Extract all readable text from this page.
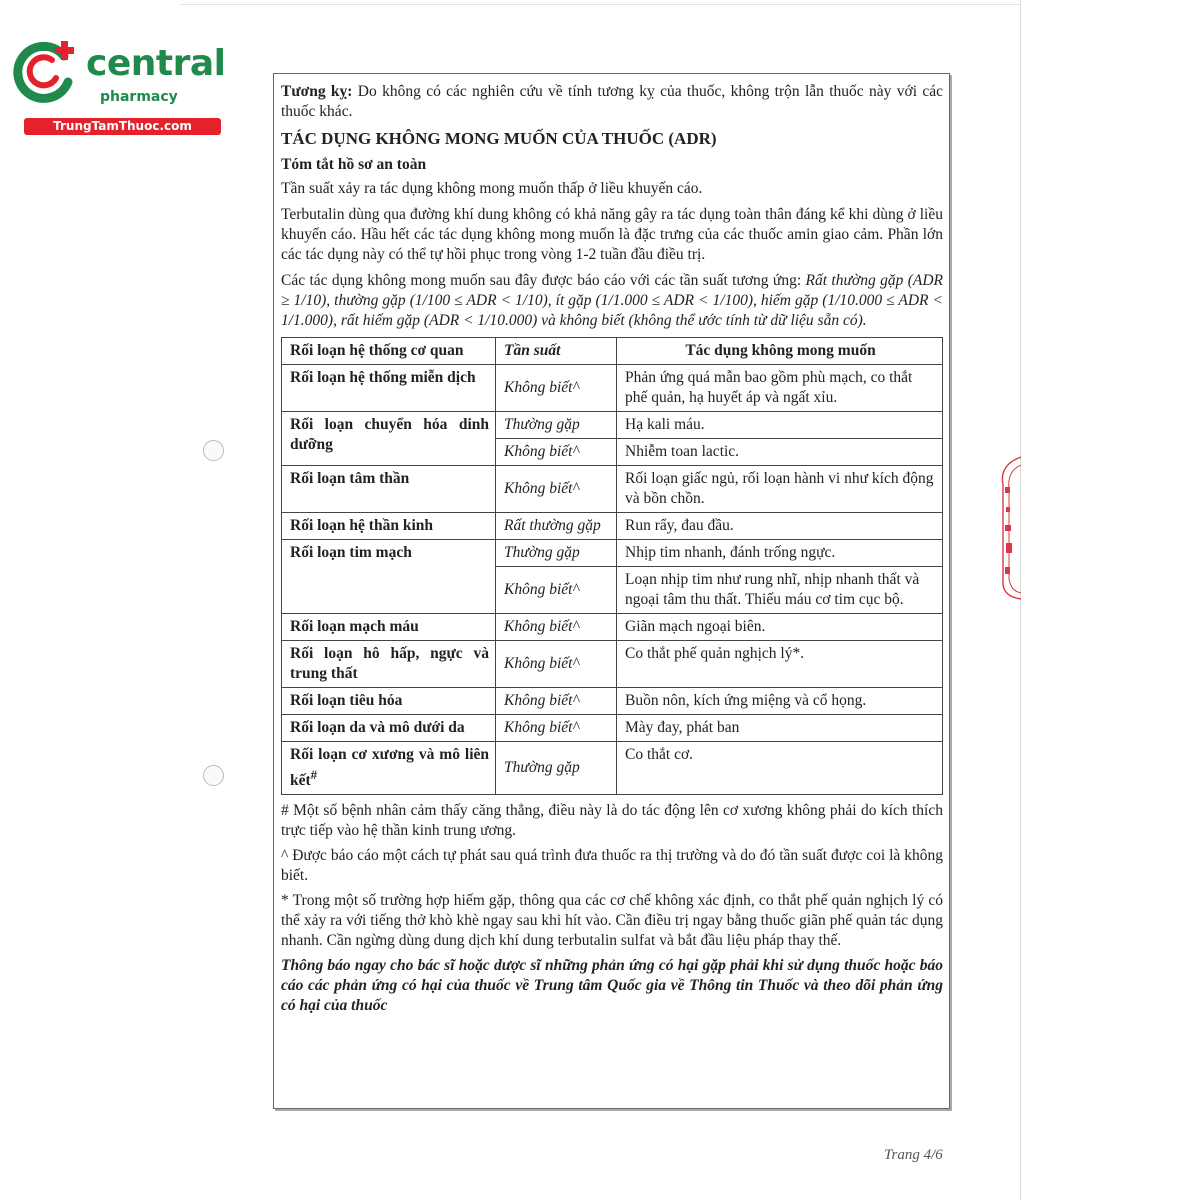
central
pharmacy
TrungTamThuoc.com

Tương kỵ: Do không có các nghiên cứu về tính tương kỵ của thuốc, không trộn lẫn thuốc này với các thuốc khác.

TÁC DỤNG KHÔNG MONG MUỐN CỦA THUỐC (ADR)
Tóm tắt hồ sơ an toàn

Tần suất xảy ra tác dụng không mong muốn thấp ở liều khuyến cáo.

Terbutalin dùng qua đường khí dung không có khả năng gây ra tác dụng toàn thân đáng kể khi dùng ở liều khuyến cáo. Hầu hết các tác dụng không mong muốn là đặc trưng của các thuốc amin giao cảm. Phần lớn các tác dụng này có thể tự hồi phục trong vòng 1-2 tuần đầu điều trị.

Các tác dụng không mong muốn sau đây được báo cáo với các tần suất tương ứng: Rất thường gặp (ADR ≥ 1/10), thường gặp (1/100 ≤ ADR < 1/10), ít gặp (1/1.000 ≤ ADR < 1/100), hiếm gặp (1/10.000 ≤ ADR < 1/1.000), rất hiếm gặp (ADR < 1/10.000) và không biết (không thể ước tính từ dữ liệu sẵn có).

Rối loạn hệ thống cơ quan	Tần suất	Tác dụng không mong muốn
Rối loạn hệ thống miễn dịch	Không biết^	Phản ứng quá mẫn bao gồm phù mạch, co thắt phế quản, hạ huyết áp và ngất xỉu.
Rối loạn chuyển hóa dinh dưỡng	Thường gặp	Hạ kali máu.
	Không biết^	Nhiễm toan lactic.
Rối loạn tâm thần	Không biết^	Rối loạn giấc ngủ, rối loạn hành vi như kích động và bồn chồn.
Rối loạn hệ thần kinh	Rất thường gặp	Run rẩy, đau đầu.
Rối loạn tim mạch	Thường gặp	Nhịp tim nhanh, đánh trống ngực.
	Không biết^	Loạn nhịp tim như rung nhĩ, nhịp nhanh thất và ngoại tâm thu thất. Thiếu máu cơ tim cục bộ.
Rối loạn mạch máu	Không biết^	Giãn mạch ngoại biên.
Rối loạn hô hấp, ngực và trung thất	Không biết^	Co thắt phế quản nghịch lý*.
Rối loạn tiêu hóa	Không biết^	Buồn nôn, kích ứng miệng và cổ họng.
Rối loạn da và mô dưới da	Không biết^	Mày đay, phát ban
Rối loạn cơ xương và mô liên kết#	Thường gặp	Co thắt cơ.

# Một số bệnh nhân cảm thấy căng thẳng, điều này là do tác động lên cơ xương không phải do kích thích trực tiếp vào hệ thần kinh trung ương.

^ Được báo cáo một cách tự phát sau quá trình đưa thuốc ra thị trường và do đó tần suất được coi là không biết.

* Trong một số trường hợp hiếm gặp, thông qua các cơ chế không xác định, co thắt phế quản nghịch lý có thể xảy ra với tiếng thở khò khè ngay sau khi hít vào. Cần điều trị ngay bằng thuốc giãn phế quản tác dụng nhanh. Cần ngừng dùng dung dịch khí dung terbutalin sulfat và bắt đầu liệu pháp thay thế.

Thông báo ngay cho bác sĩ hoặc dược sĩ những phản ứng có hại gặp phải khi sử dụng thuốc hoặc báo cáo các phản ứng có hại của thuốc về Trung tâm Quốc gia về Thông tin Thuốc và theo dõi phản ứng có hại của thuốc

Trang 4/6
